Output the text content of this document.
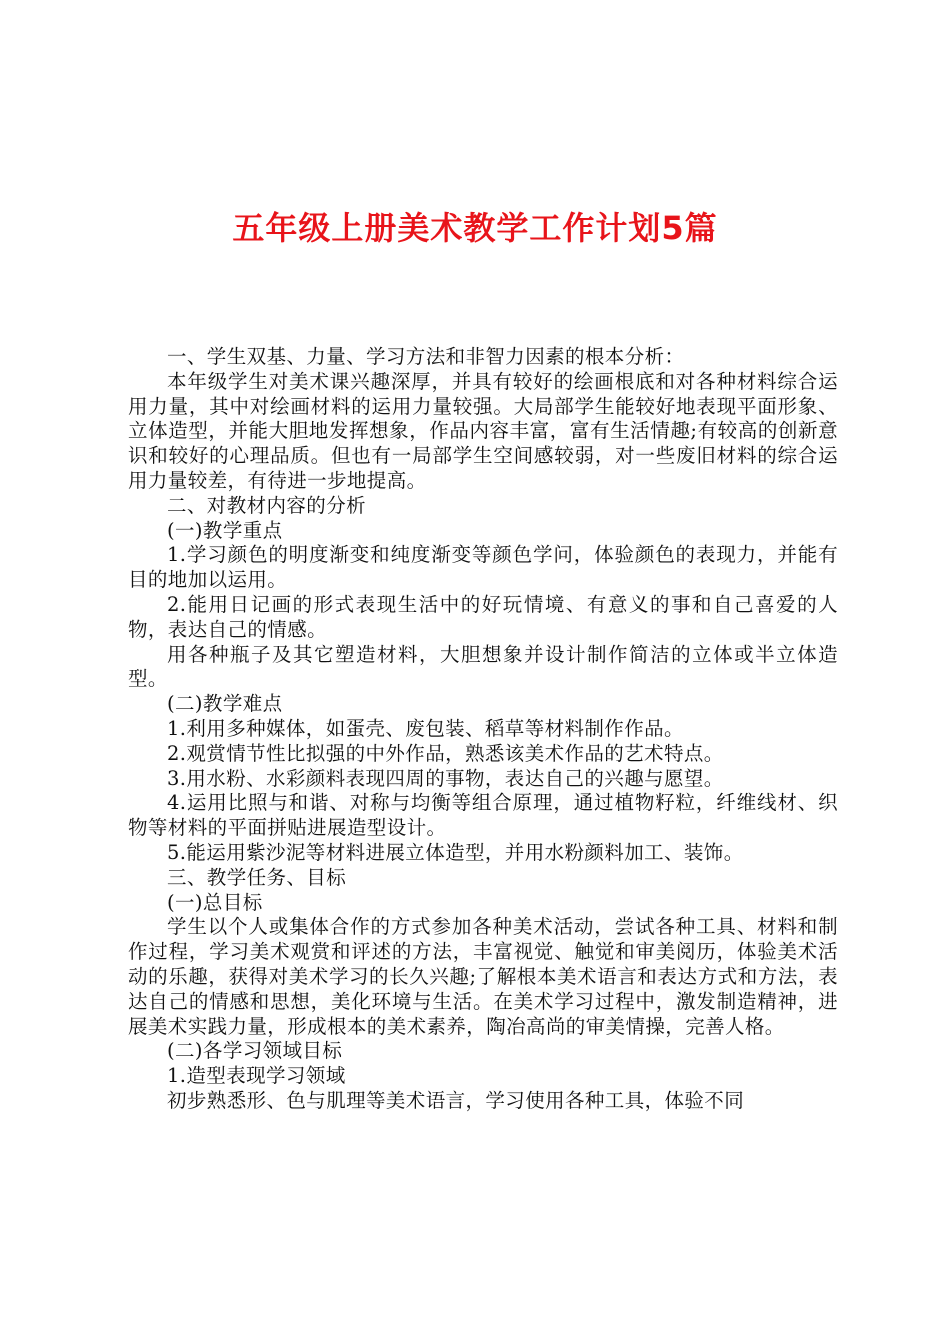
五年级上册美术教学工作计划5篇

一、学生双基、力量、学习方法和非智力因素的根本分析：

本年级学生对美术课兴趣深厚，并具有较好的绘画根底和对各种材料综合运用力量，其中对绘画材料的运用力量较强。大局部学生能较好地表现平面形象、立体造型，并能大胆地发挥想象，作品内容丰富，富有生活情趣;有较高的创新意识和较好的心理品质。但也有一局部学生空间感较弱，对一些废旧材料的综合运用力量较差，有待进一步地提高。

二、对教材内容的分析

(一)教学重点

1.学习颜色的明度渐变和纯度渐变等颜色学问，体验颜色的表现力，并能有目的地加以运用。

2.能用日记画的形式表现生活中的好玩情境、有意义的事和自己喜爱的人物，表达自己的情感。

用各种瓶子及其它塑造材料，大胆想象并设计制作简洁的立体或半立体造型。

(二)教学难点

1.利用多种媒体，如蛋壳、废包装、稻草等材料制作作品。

2.观赏情节性比拟强的中外作品，熟悉该美术作品的艺术特点。

3.用水粉、水彩颜料表现四周的事物，表达自己的兴趣与愿望。

4.运用比照与和谐、对称与均衡等组合原理，通过植物籽粒，纤维线材、织物等材料的平面拼贴进展造型设计。

5.能运用紫沙泥等材料进展立体造型，并用水粉颜料加工、装饰。

三、教学任务、目标

(一)总目标

学生以个人或集体合作的方式参加各种美术活动，尝试各种工具、材料和制作过程，学习美术观赏和评述的方法，丰富视觉、触觉和审美阅历，体验美术活动的乐趣，获得对美术学习的长久兴趣;了解根本美术语言和表达方式和方法，表达自己的情感和思想，美化环境与生活。在美术学习过程中，激发制造精神，进展美术实践力量，形成根本的美术素养，陶冶高尚的审美情操，完善人格。

(二)各学习领域目标

1.造型表现学习领域

初步熟悉形、色与肌理等美术语言，学习使用各种工具，体验不同
